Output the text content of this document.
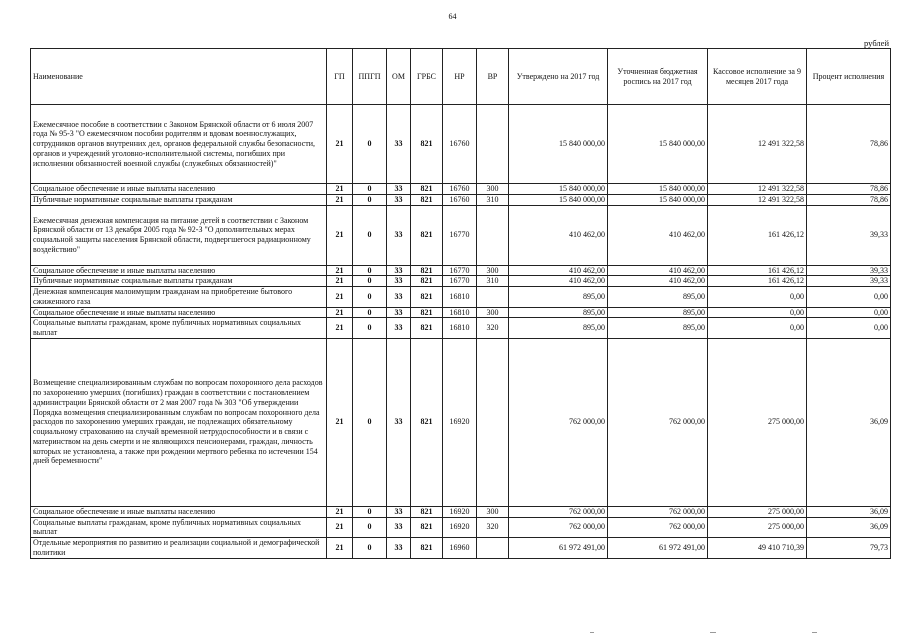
64
рублей
Наименование	ГП	ППГП	ОМ	ГРБС	НР	ВР	Утверждено на 2017 год	Уточненная бюджетная роспись на 2017 год	Кассовое исполнение за 9 месяцев 2017 года	Процент исполнения
Ежемесячное пособие в соответствии с Законом Брянской области от 6 июля 2007 года № 95-3 "О ежемесячном пособии родителям и вдовам военнослужащих, сотрудников органов внутренних дел, органов федеральной службы безопасности, органов и учреждений уголовно-исполнительной системы, погибших при исполнении обязанностей военной службы (служебных обязанностей)"	21	0	33	821	16760		15 840 000,00	15 840 000,00	12 491 322,58	78,86
Социальное обеспечение и иные выплаты населению	21	0	33	821	16760	300	15 840 000,00	15 840 000,00	12 491 322,58	78,86
Публичные нормативные социальные выплаты гражданам	21	0	33	821	16760	310	15 840 000,00	15 840 000,00	12 491 322,58	78,86
Ежемесячная денежная компенсация на питание детей в соответствии с Законом Брянской области от 13 декабря 2005 года № 92-З "О дополнительных мерах социальной защиты населения Брянской области, подвергшегося радиационному воздействию"	21	0	33	821	16770		410 462,00	410 462,00	161 426,12	39,33
Социальное обеспечение и иные выплаты населению	21	0	33	821	16770	300	410 462,00	410 462,00	161 426,12	39,33
Публичные нормативные социальные выплаты гражданам	21	0	33	821	16770	310	410 462,00	410 462,00	161 426,12	39,33
Денежная компенсация малоимущим гражданам на приобретение бытового сжиженного газа	21	0	33	821	16810		895,00	895,00	0,00	0,00
Социальное обеспечение и иные выплаты населению	21	0	33	821	16810	300	895,00	895,00	0,00	0,00
Социальные выплаты гражданам, кроме публичных нормативных социальных выплат	21	0	33	821	16810	320	895,00	895,00	0,00	0,00
Возмещение специализированным службам по вопросам похоронного дела расходов по захоронению умерших (погибших) граждан в соответствии с постановлением администрации Брянской области от 2 мая 2007 года № 303 "Об утверждении Порядка возмещения специализированным службам по вопросам похоронного дела расходов по захоронению умерших граждан, не подлежащих обязательному социальному страхованию на случай временной нетрудоспособности и в связи с материнством на день смерти и не являющихся пенсионерами, граждан, личность которых не установлена, а также при рождении мертвого ребенка по истечении 154 дней беременности"	21	0	33	821	16920		762 000,00	762 000,00	275 000,00	36,09
Социальное обеспечение и иные выплаты населению	21	0	33	821	16920	300	762 000,00	762 000,00	275 000,00	36,09
Социальные выплаты гражданам, кроме публичных нормативных социальных выплат	21	0	33	821	16920	320	762 000,00	762 000,00	275 000,00	36,09
Отдельные мероприятия по развитию и реализации социальной и демографической политики	21	0	33	821	16960		61 972 491,00	61 972 491,00	49 410 710,39	79,73
